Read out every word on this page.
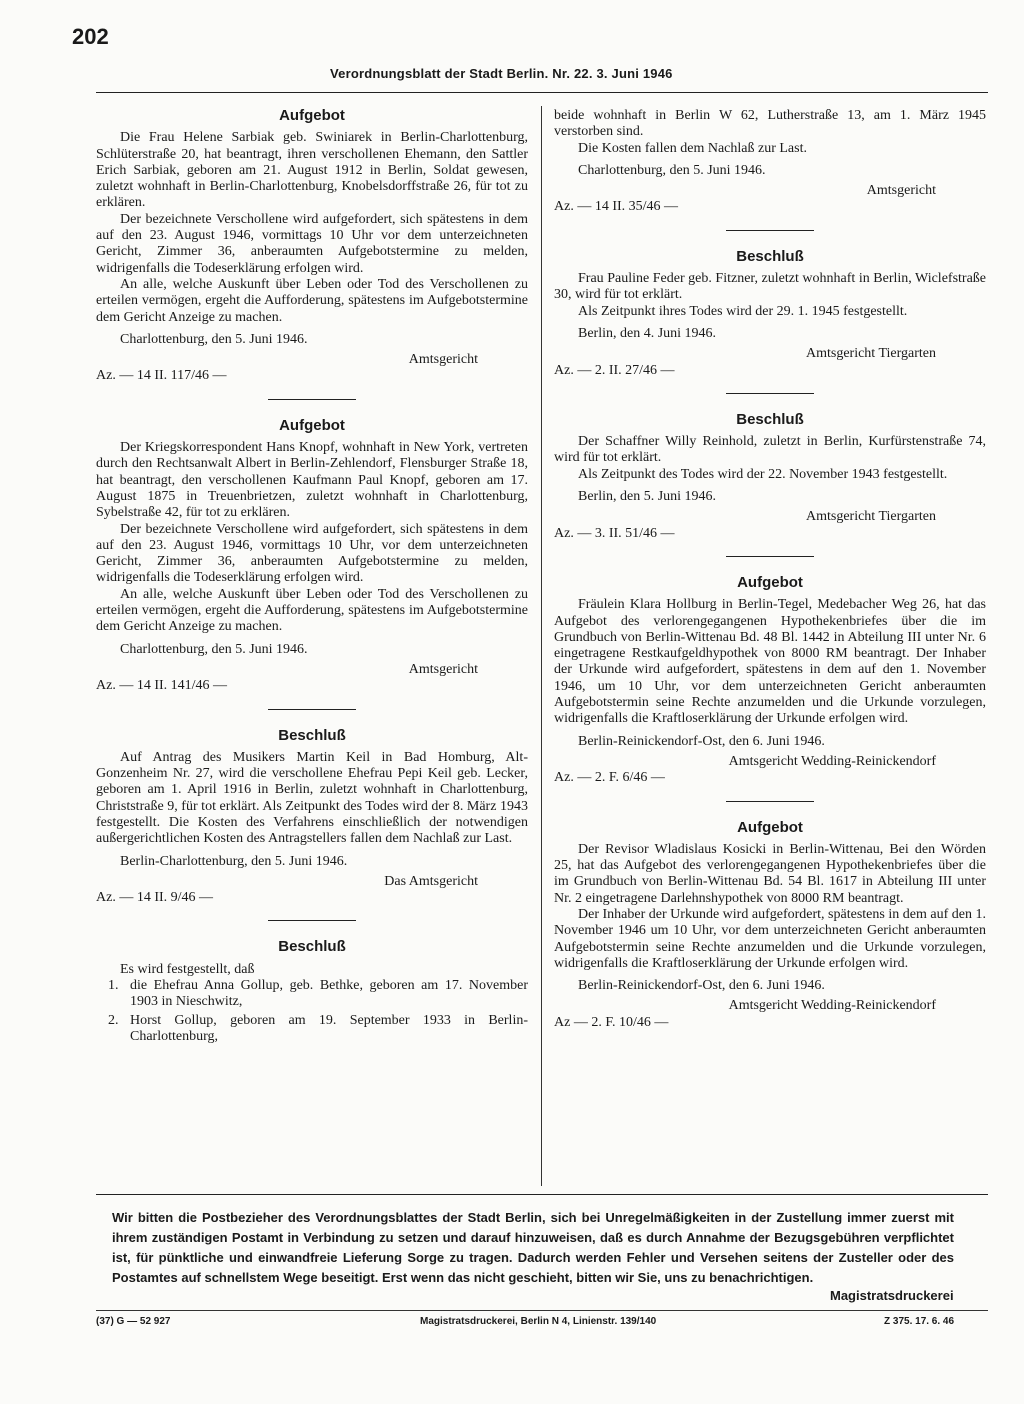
202
Verordnungsblatt der Stadt Berlin. Nr. 22. 3. Juni 1946
Aufgebot

Die Frau Helene Sarbiak geb. Swiniarek in Berlin-Charlottenburg, Schlüterstraße 20, hat beantragt, ihren verschollenen Ehemann, den Sattler Erich Sarbiak, geboren am 21. August 1912 in Berlin, Soldat gewesen, zuletzt wohnhaft in Berlin-Charlottenburg, Knobelsdorffstraße 26, für tot zu erklären.

Der bezeichnete Verschollene wird aufgefordert, sich spätestens in dem auf den 23. August 1946, vormittags 10 Uhr vor dem unterzeichneten Gericht, Zimmer 36, anberaumten Aufgebotstermine zu melden, widrigenfalls die Todeserklärung erfolgen wird.

An alle, welche Auskunft über Leben oder Tod des Verschollenen zu erteilen vermögen, ergeht die Aufforderung, spätestens im Aufgebotstermine dem Gericht Anzeige zu machen.

Charlottenburg, den 5. Juni 1946.
Amtsgericht
Az. — 14 II. 117/46 —
Aufgebot

Der Kriegskorrespondent Hans Knopf, wohnhaft in New York, vertreten durch den Rechtsanwalt Albert in Berlin-Zehlendorf, Flensburger Straße 18, hat beantragt, den verschollenen Kaufmann Paul Knopf, geboren am 17. August 1875 in Treuenbrietzen, zuletzt wohnhaft in Charlottenburg, Sybelstraße 42, für tot zu erklären.

Der bezeichnete Verschollene wird aufgefordert, sich spätestens in dem auf den 23. August 1946, vormittags 10 Uhr, vor dem unterzeichneten Gericht, Zimmer 36, anberaumten Aufgebotstermine zu melden, widrigenfalls die Todeserklärung erfolgen wird.

An alle, welche Auskunft über Leben oder Tod des Verschollenen zu erteilen vermögen, ergeht die Aufforderung, spätestens im Aufgebotstermine dem Gericht Anzeige zu machen.

Charlottenburg, den 5. Juni 1946.
Amtsgericht
Az. — 14 II. 141/46 —
Beschluß

Auf Antrag des Musikers Martin Keil in Bad Homburg, Alt-Gonzenheim Nr. 27, wird die verschollene Ehefrau Pepi Keil geb. Lecker, geboren am 1. April 1916 in Berlin, zuletzt wohnhaft in Charlottenburg, Christstraße 9, für tot erklärt. Als Zeitpunkt des Todes wird der 8. März 1943 festgestellt. Die Kosten des Verfahrens einschließlich der notwendigen außergerichtlichen Kosten des Antragstellers fallen dem Nachlaß zur Last.

Berlin-Charlottenburg, den 5. Juni 1946.
Das Amtsgericht
Az. — 14 II. 9/46 —
Beschluß

Es wird festgestellt, daß

1. die Ehefrau Anna Gollup, geb. Bethke, geboren am 17. November 1903 in Nieschwitz,
2. Horst Gollup, geboren am 19. September 1933 in Berlin-Charlottenburg,

beide wohnhaft in Berlin W 62, Lutherstraße 13, am 1. März 1945 verstorben sind.

Die Kosten fallen dem Nachlaß zur Last.

Charlottenburg, den 5. Juni 1946.
Amtsgericht
Az. — 14 II. 35/46 —
Beschluß

Frau Pauline Feder geb. Fitzner, zuletzt wohnhaft in Berlin, Wiclefstraße 30, wird für tot erklärt.

Als Zeitpunkt ihres Todes wird der 29. 1. 1945 festgestellt.

Berlin, den 4. Juni 1946.
Amtsgericht Tiergarten
Az. — 2. II. 27/46 —
Beschluß

Der Schaffner Willy Reinhold, zuletzt in Berlin, Kurfürstenstraße 74, wird für tot erklärt.

Als Zeitpunkt des Todes wird der 22. November 1943 festgestellt.

Berlin, den 5. Juni 1946.
Amtsgericht Tiergarten
Az. — 3. II. 51/46 —
Aufgebot

Fräulein Klara Hollburg in Berlin-Tegel, Medebacher Weg 26, hat das Aufgebot des verlorengegangenen Hypothekenbriefes über die im Grundbuch von Berlin-Wittenau Bd. 48 Bl. 1442 in Abteilung III unter Nr. 6 eingetragene Restkaufgeldhypothek von 8000 RM beantragt. Der Inhaber der Urkunde wird aufgefordert, spätestens in dem auf den 1. November 1946, um 10 Uhr, vor dem unterzeichneten Gericht anberaumten Aufgebotstermin seine Rechte anzumelden und die Urkunde vorzulegen, widrigenfalls die Kraftloserklärung der Urkunde erfolgen wird.

Berlin-Reinickendorf-Ost, den 6. Juni 1946.
Amtsgericht Wedding-Reinickendorf
Az. — 2. F. 6/46 —
Aufgebot

Der Revisor Wladislaus Kosicki in Berlin-Wittenau, Bei den Wörden 25, hat das Aufgebot des verlorengegangenen Hypothekenbriefes über die im Grundbuch von Berlin-Wittenau Bd. 54 Bl. 1617 in Abteilung III unter Nr. 2 eingetragene Darlehnshypothek von 8000 RM beantragt.

Der Inhaber der Urkunde wird aufgefordert, spätestens in dem auf den 1. November 1946 um 10 Uhr, vor dem unterzeichneten Gericht anberaumten Aufgebotstermin seine Rechte anzumelden und die Urkunde vorzulegen, widrigenfalls die Kraftloserklärung der Urkunde erfolgen wird.

Berlin-Reinickendorf-Ost, den 6. Juni 1946.
Amtsgericht Wedding-Reinickendorf
Az — 2. F. 10/46 —
Wir bitten die Postbezieher des Verordnungsblattes der Stadt Berlin, sich bei Unregelmäßigkeiten in der Zustellung immer zuerst mit ihrem zuständigen Postamt in Verbindung zu setzen und darauf hinzuweisen, daß es durch Annahme der Bezugsgebühren verpflichtet ist, für pünktliche und einwandfreie Lieferung Sorge zu tragen. Dadurch werden Fehler und Versehen seitens der Zusteller oder des Postamtes auf schnellstem Wege beseitigt. Erst wenn das nicht geschieht, bitten wir Sie, uns zu benachrichtigen.
Magistratsdruckerei
(37) G — 52 927	Magistratsdruckerei, Berlin N 4, Linienstr. 139/140	Z 375. 17. 6. 46
